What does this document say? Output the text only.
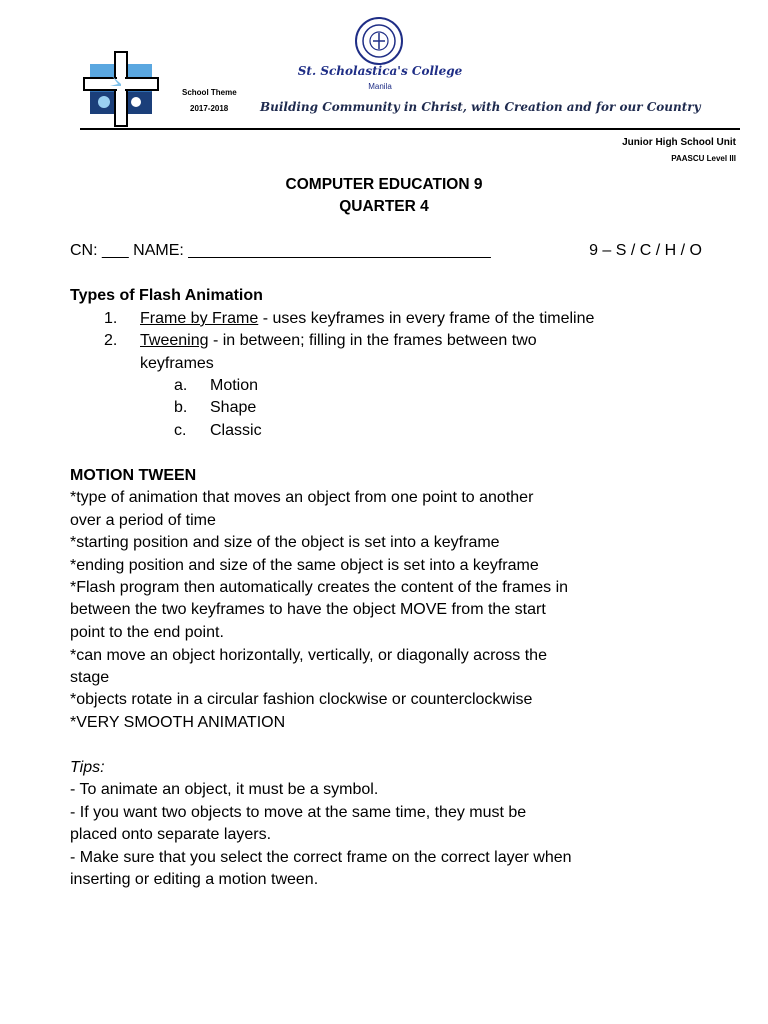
St. Scholastica's College
Manila
School Theme
2017-2018	Building Community in Christ, with Creation and for our Country
Junior High School Unit
PAASCU Level III
COMPUTER EDUCATION 9
QUARTER 4
CN: ___ NAME: __________________________________	9 – S / C / H / O
Types of Flash Animation
1. Frame by Frame - uses keyframes in every frame of the timeline
2. Tweening - in between; filling in the frames between two
keyframes
a. Motion
b. Shape
c. Classic
MOTION TWEEN
*type of animation that moves an object from one point to another
over a period of time
*starting position and size of the object is set into a keyframe
*ending position and size of the same object is set into a keyframe
*Flash program then automatically creates the content of the frames in
between the two keyframes to have the object MOVE from the start
point to the end point.
*can move an object horizontally, vertically, or diagonally across the
stage
*objects rotate in a circular fashion clockwise or counterclockwise
*VERY SMOOTH ANIMATION
Tips:
- To animate an object, it must be a symbol.
- If you want two objects to move at the same time, they must be
placed onto separate layers.
- Make sure that you select the correct frame on the correct layer when
inserting or editing a motion tween.
